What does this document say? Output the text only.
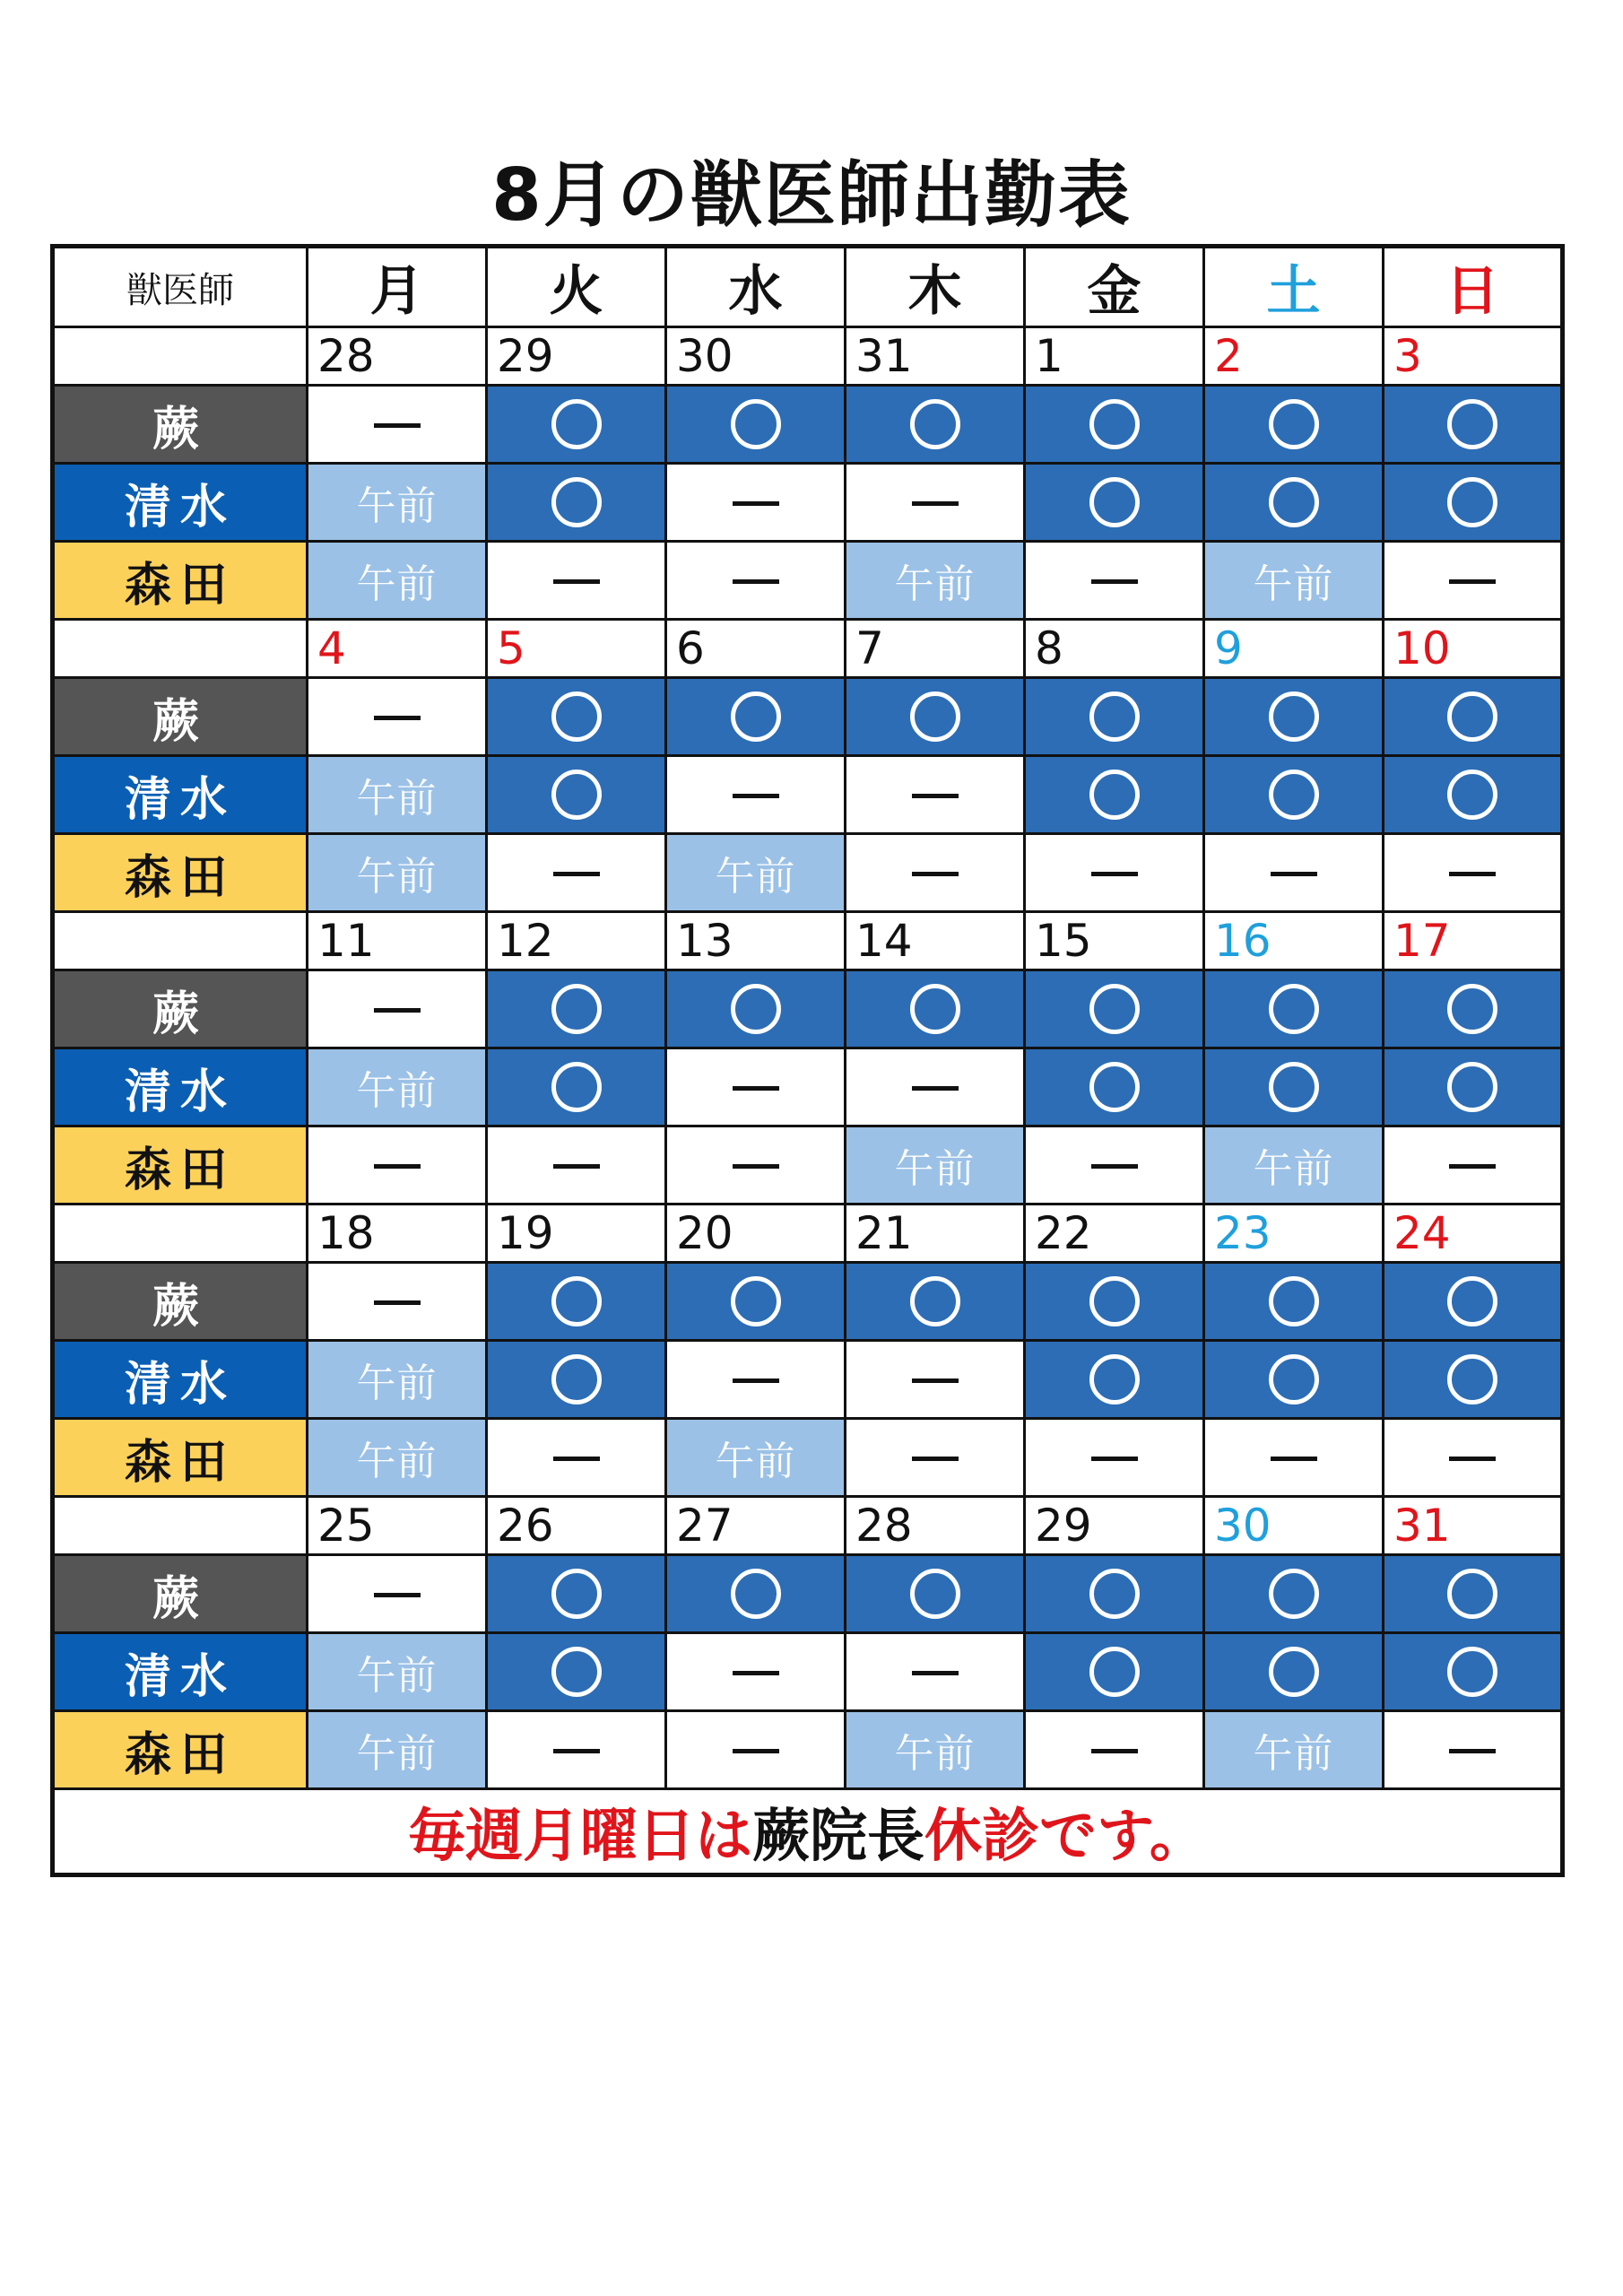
8月の獣医師出勤表
獣医師	月	火	水	木	金	土	日
	28	29	30	31	1	2	3
蕨							
清水	午前						
森田	午前			午前		午前	
	4	5	6	7	8	9	10
蕨							
清水	午前						
森田	午前		午前				
	11	12	13	14	15	16	17
蕨							
清水	午前						
森田				午前		午前	
	18	19	20	21	22	23	24
蕨							
清水	午前						
森田	午前		午前				
	25	26	27	28	29	30	31
蕨							
清水	午前						
森田	午前			午前		午前	
毎週月曜日は蕨院長休診です。							
